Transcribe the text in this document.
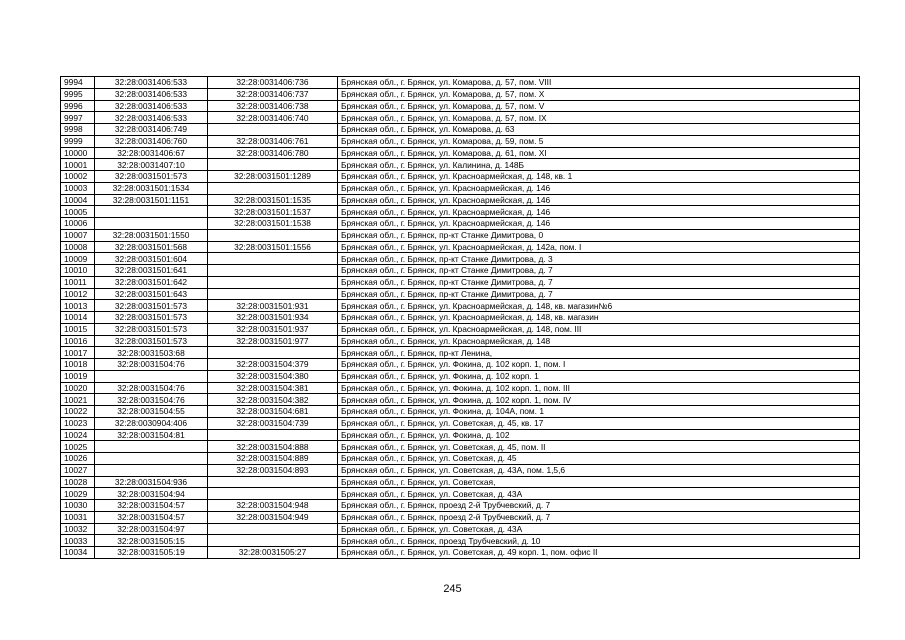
9994	32:28:0031406:533	32:28:0031406:736	Брянская обл., г. Брянск, ул. Комарова, д. 57, пом. VIII
9995	32:28:0031406:533	32:28:0031406:737	Брянская обл., г. Брянск, ул. Комарова, д. 57, пом. X
9996	32:28:0031406:533	32:28:0031406:738	Брянская обл., г. Брянск, ул. Комарова, д. 57, пом. V
9997	32:28:0031406:533	32:28:0031406:740	Брянская обл., г. Брянск, ул. Комарова, д. 57, пом. IX
9998	32:28:0031406:749		Брянская обл., г. Брянск, ул. Комарова, д. 63
9999	32:28:0031406:760	32:28:0031406:761	Брянская обл., г. Брянск, ул. Комарова, д. 59, пом. 5
10000	32:28:0031406:67	32:28:0031406:780	Брянская обл., г. Брянск, ул. Комарова, д. 61, пом. XI
10001	32:28:0031407:10		Брянская обл., г. Брянск, ул. Калинина, д. 148Б
10002	32:28:0031501:573	32:28:0031501:1289	Брянская обл., г. Брянск, ул. Красноармейская, д. 148, кв. 1
10003	32:28:0031501:1534		Брянская обл., г. Брянск, ул. Красноармейская, д. 146
10004	32:28:0031501:1151	32:28:0031501:1535	Брянская обл., г. Брянск, ул. Красноармейская, д. 146
10005		32:28:0031501:1537	Брянская обл., г. Брянск, ул. Красноармейская, д. 146
10006		32:28:0031501:1538	Брянская обл., г. Брянск, ул. Красноармейская, д. 146
10007	32:28:0031501:1550		Брянская обл., г. Брянск, пр-кт Станке Димитрова, 0
10008	32:28:0031501:568	32:28:0031501:1556	Брянская обл., г. Брянск, ул. Красноармейская, д. 142а, пом. I
10009	32:28:0031501:604		Брянская обл., г. Брянск, пр-кт Станке Димитрова, д. 3
10010	32:28:0031501:641		Брянская обл., г. Брянск, пр-кт Станке Димитрова, д. 7
10011	32:28:0031501:642		Брянская обл., г. Брянск, пр-кт Станке Димитрова, д. 7
10012	32:28:0031501:643		Брянская обл., г. Брянск, пр-кт Станке Димитрова, д. 7
10013	32:28:0031501:573	32:28:0031501:931	Брянская обл., г. Брянск, ул. Красноармейская, д. 148, кв. магазин№6
10014	32:28:0031501:573	32:28:0031501:934	Брянская обл., г. Брянск, ул. Красноармейская, д. 148, кв. магазин
10015	32:28:0031501:573	32:28:0031501:937	Брянская обл., г. Брянск, ул. Красноармейская, д. 148, пом. III
10016	32:28:0031501:573	32:28:0031501:977	Брянская обл., г. Брянск, ул. Красноармейская, д. 148
10017	32:28:0031503:68		Брянская обл., г. Брянск, пр-кт Ленина,
10018	32:28:0031504:76	32:28:0031504:379	Брянская обл., г. Брянск, ул. Фокина, д. 102 корп. 1, пом. I
10019		32:28:0031504:380	Брянская обл., г. Брянск, ул. Фокина, д. 102 корп. 1
10020	32:28:0031504:76	32:28:0031504:381	Брянская обл., г. Брянск, ул. Фокина, д. 102 корп. 1, пом. III
10021	32:28:0031504:76	32:28:0031504:382	Брянская обл., г. Брянск, ул. Фокина, д. 102 корп. 1, пом. IV
10022	32:28:0031504:55	32:28:0031504:681	Брянская обл., г. Брянск, ул. Фокина, д. 104А, пом. 1
10023	32:28:0030904:406	32:28:0031504:739	Брянская обл., г. Брянск, ул. Советская, д. 45, кв. 17
10024	32:28:0031504:81		Брянская обл., г. Брянск, ул. Фокина, д. 102
10025		32:28:0031504:888	Брянская обл., г. Брянск, ул. Советская, д. 45, пом. II
10026		32:28:0031504:889	Брянская обл., г. Брянск, ул. Советская, д. 45
10027		32:28:0031504:893	Брянская обл., г. Брянск, ул. Советская, д. 43А, пом. 1,5,6
10028	32:28:0031504:936		Брянская обл., г. Брянск, ул. Советская,
10029	32:28:0031504:94		Брянская обл., г. Брянск, ул. Советская, д. 43А
10030	32:28:0031504:57	32:28:0031504:948	Брянская обл., г. Брянск, проезд 2-й Трубчевский, д. 7
10031	32:28:0031504:57	32:28:0031504:949	Брянская обл., г. Брянск, проезд 2-й Трубчевский, д. 7
10032	32:28:0031504:97		Брянская обл., г. Брянск, ул. Советская, д. 43А
10033	32:28:0031505:15		Брянская обл., г. Брянск, проезд Трубчевский, д. 10
10034	32:28:0031505:19	32:28:0031505:27	Брянская обл., г. Брянск, ул. Советская, д. 49 корп. 1, пом. офис II
245
